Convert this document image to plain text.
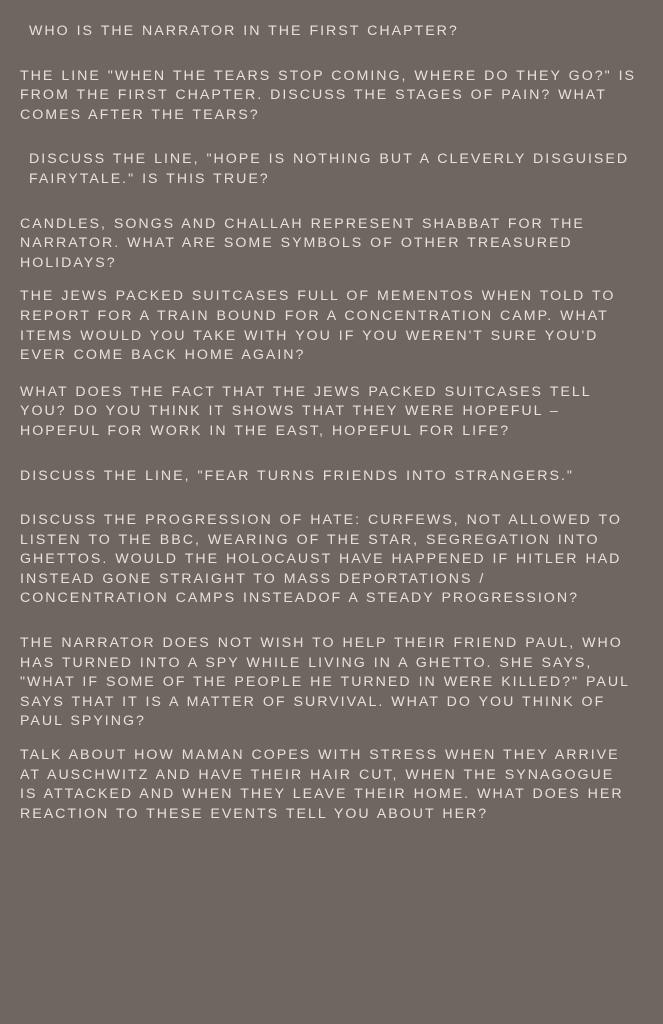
WHO IS THE NARRATOR IN THE FIRST CHAPTER?

THE LINE "WHEN THE TEARS STOP COMING, WHERE DO THEY GO?" IS FROM THE FIRST CHAPTER. DISCUSS THE STAGES OF PAIN? WHAT COMES AFTER THE TEARS?

DISCUSS THE LINE, "HOPE IS NOTHING BUT A CLEVERLY DISGUISED FAIRYTALE." IS THIS TRUE?

CANDLES, SONGS AND CHALLAH REPRESENT SHABBAT FOR THE NARRATOR. WHAT ARE SOME SYMBOLS OF OTHER TREASURED HOLIDAYS?

THE JEWS PACKED SUITCASES FULL OF MEMENTOS WHEN TOLD TO REPORT FOR A TRAIN BOUND FOR A CONCENTRATION CAMP. WHAT ITEMS WOULD YOU TAKE WITH YOU IF YOU WEREN'T SURE YOU'D EVER COME BACK HOME AGAIN?

WHAT DOES THE FACT THAT THE JEWS PACKED SUITCASES TELL YOU? DO YOU THINK IT SHOWS THAT THEY WERE HOPEFUL – HOPEFUL FOR WORK IN THE EAST, HOPEFUL FOR LIFE?

DISCUSS THE LINE, "FEAR TURNS FRIENDS INTO STRANGERS."

DISCUSS THE PROGRESSION OF HATE: CURFEWS, NOT ALLOWED TO LISTEN TO THE BBC, WEARING OF THE STAR, SEGREGATION INTO GHETTOS. WOULD THE HOLOCAUST HAVE HAPPENED IF HITLER HAD INSTEAD GONE STRAIGHT TO MASS DEPORTATIONS / CONCENTRATION CAMPS INSTEADOF A STEADY PROGRESSION?

THE NARRATOR DOES NOT WISH TO HELP THEIR FRIEND PAUL, WHO HAS TURNED INTO A SPY WHILE LIVING IN A GHETTO. SHE SAYS, "WHAT IF SOME OF THE PEOPLE HE TURNED IN WERE KILLED?" PAUL SAYS THAT IT IS A MATTER OF SURVIVAL. WHAT DO YOU THINK OF PAUL SPYING?

TALK ABOUT HOW MAMAN COPES WITH STRESS WHEN THEY ARRIVE AT AUSCHWITZ AND HAVE THEIR HAIR CUT, WHEN THE SYNAGOGUE IS ATTACKED AND WHEN THEY LEAVE THEIR HOME. WHAT DOES HER REACTION TO THESE EVENTS TELL YOU ABOUT HER?
